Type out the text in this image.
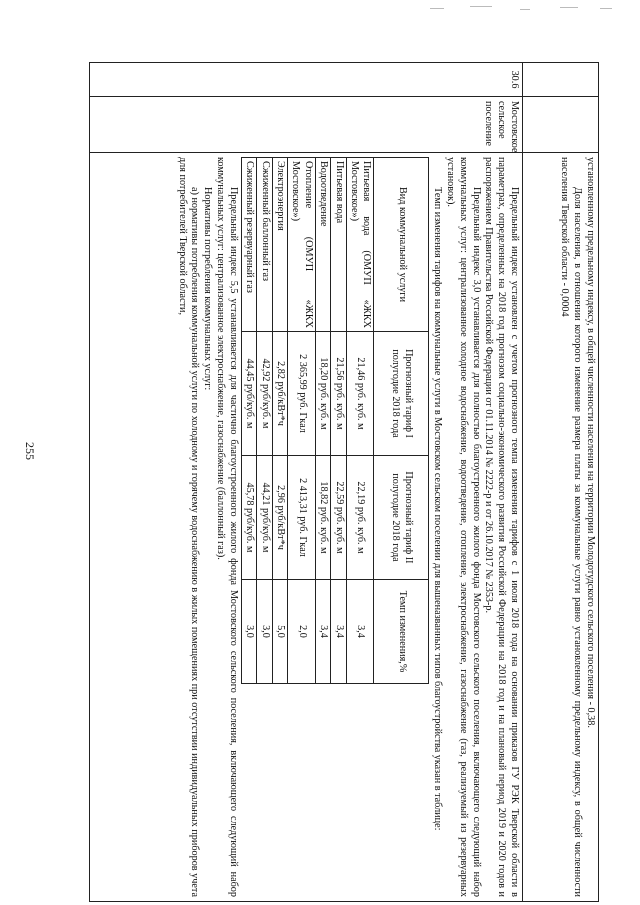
255
			установленному предельному индексу, в общей численности населения на территории Молодотудского сельского поселения - 0,38.

Доля населения, в отношении которого изменение размера платы за коммунальные услуги равно установленному предельному индексу, в общей численности населения Тверской области - 0,0004

30.6	Мостовское сельское поселение	

Предельный индекс установлен с учетом прогнозного темпа изменения тарифов с 1 июля 2018 года на основании приказов ГУ РЭК Тверской области в параметрах, определенных на 2018 год прогнозом социально-экономического развития Российской Федерации на 2018 год и на плановый период 2019 и 2020 годов и распоряжением Правительства Российской Федерации от 01.11.2014 № 2222-р и от 26.10.2017 № 2353-р.

Предельный индекс 3,0 устанавливается для полностью благоустроенного жилого фонда Мостовского сельского поселения, включающего следующий набор коммунальных услуг: централизованное холодное водоснабжение, водоотведение, отопление, электроснабжение, газоснабжение (газ, реализуемый из резервуарных установок).

Темп изменения тарифов на коммунальные услуги в Мостовском сельском поселении для вышеназванных типов благоустройства указан в таблице:

Вид коммунальной услуги	Прогнозный тариф I полугодие 2018 года	Прогнозный тариф II полугодие 2018 года	Темп изменения,%
Питьевая вода (ОМУП «ЖКХ Мостовское»)	21,46 руб. куб. м	22,19 руб. куб. м	3,4
Питьевая вода	21,56 руб. куб. м	22,59 руб. куб. м	3,4
Водоотведение	18,20 руб. куб. м	18,82 руб. куб. м	3,4
Отопление (ОМУП «ЖКХ Мостовское»)	2 365,99 руб. Гкал	2 413,31 руб. Гкал	2,0
Электроэнергия	2,82 руб/кВт*ч	2,96 руб/кВт*ч	5,0
Сжиженный баллонный газ	42,92 руб/куб. м	44,21 руб/куб. м	3,0
Сжиженный резервуарный газ	44,45 руб/куб. м	45,78 руб/куб. м	3,0

Предельный индекс 5,5 устанавливается для частично благоустроенного жилого фонда Мостовского сельского поселения, включающего следующий набор коммунальных услуг: централизованное электроснабжение, газоснабжение (баллонный газ).

Нормативы потребления коммунальных услуг:

а) нормативы потребления коммунальной услуги по холодному и горячему водоснабжению в жилых помещениях при отсутствии индивидуальных приборов учета для потребителей Тверской области,
